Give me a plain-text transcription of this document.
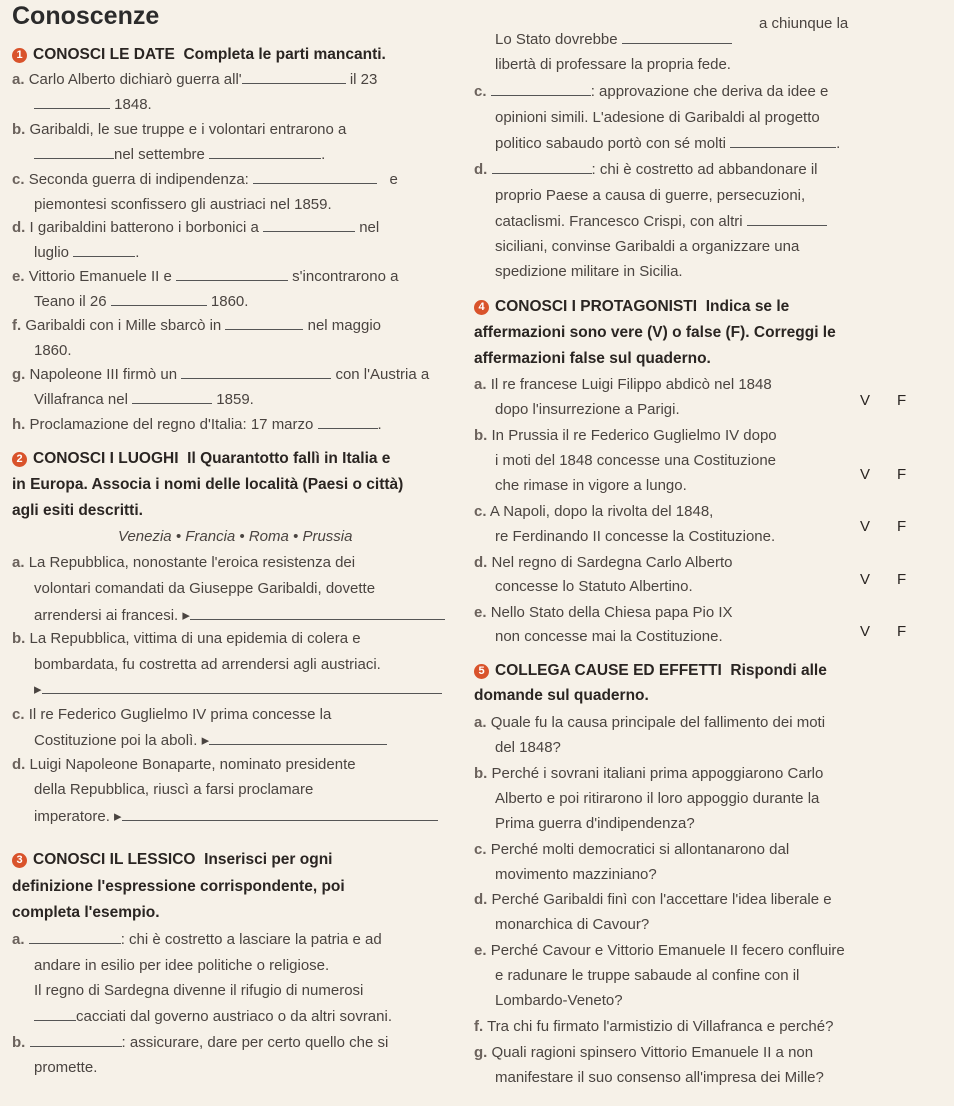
Conoscenze
1 CONOSCI LE DATE Completa le parti mancanti.
a. Carlo Alberto dichiarò guerra all'	il 23
1848.
b. Garibaldi, le sue truppe e i volontari entrarono a
nel settembre	.
c. Seconda guerra di indipendenza:	e
piemontesi sconfissero gli austriaci nel 1859.
d. I garibaldini batterono i borbonici a	nel
luglio	.
e. Vittorio Emanuele II e	s'incontrarono a
Teano il 26	1860.
f. Garibaldi con i Mille sbarcò in	nel maggio
1860.
g. Napoleone III firmò un	con l'Austria a
Villafranca nel	1859.
h. Proclamazione del regno d'Italia: 17 marzo	.
2 CONOSCI I LUOGHI Il Quarantotto fallì in Italia e
in Europa. Associa i nomi delle località (Paesi o città)
agli esiti descritti.
Venezia • Francia • Roma • Prussia
a. La Repubblica, nonostante l'eroica resistenza dei
volontari comandati da Giuseppe Garibaldi, dovette
arrendersi ai francesi. ▸
b. La Repubblica, vittima di una epidemia di colera e
bombardata, fu costretta ad arrendersi agli austriaci.
▸
c. Il re Federico Guglielmo IV prima concesse la
Costituzione poi la abolì. ▸
d. Luigi Napoleone Bonaparte, nominato presidente
della Repubblica, riuscì a farsi proclamare
imperatore. ▸
3 CONOSCI IL LESSICO Inserisci per ogni
definizione l'espressione corrispondente, poi
completa l'esempio.
a.	: chi è costretto a lasciare la patria e ad
andare in esilio per idee politiche o religiose.
Il regno di Sardegna divenne il rifugio di numerosi
cacciati dal governo austriaco o da altri sovrani.
b.	: assicurare, dare per certo quello che si
promette.
Lo Stato dovrebbe
a chiunque la
libertà di professare la propria fede.
c.	: approvazione che deriva da idee e
opinioni simili. L'adesione di Garibaldi al progetto
politico sabaudo portò con sé molti	.
d.	: chi è costretto ad abbandonare il
proprio Paese a causa di guerre, persecuzioni,
cataclismi. Francesco Crispi, con altri
siciliani, convinse Garibaldi a organizzare una
spedizione militare in Sicilia.
4 CONOSCI I PROTAGONISTI Indica se le
affermazioni sono vere (V) o false (F). Correggi le
affermazioni false sul quaderno.
a. Il re francese Luigi Filippo abdicò nel 1848
dopo l'insurrezione a Parigi.
V F
b. In Prussia il re Federico Guglielmo IV dopo
i moti del 1848 concesse una Costituzione
che rimase in vigore a lungo.
V F
c. A Napoli, dopo la rivolta del 1848,
re Ferdinando II concesse la Costituzione.
V F
d. Nel regno di Sardegna Carlo Alberto
concesse lo Statuto Albertino.	V F
e. Nello Stato della Chiesa papa Pio IX
non concesse mai la Costituzione.	V F
5 COLLEGA CAUSE ED EFFETTI Rispondi alle
domande sul quaderno.
a. Quale fu la causa principale del fallimento dei moti
del 1848?
b. Perché i sovrani italiani prima appoggiarono Carlo
Alberto e poi ritirarono il loro appoggio durante la
Prima guerra d'indipendenza?
c. Perché molti democratici si allontanarono dal
movimento mazziniano?
d. Perché Garibaldi finì con l'accettare l'idea liberale e
monarchica di Cavour?
e. Perché Cavour e Vittorio Emanuele II fecero confluire
e radunare le truppe sabaude al confine con il
Lombardo-Veneto?
f. Tra chi fu firmato l'armistizio di Villafranca e perché?
g. Quali ragioni spinsero Vittorio Emanuele II a non
manifestare il suo consenso all'impresa dei Mille?
